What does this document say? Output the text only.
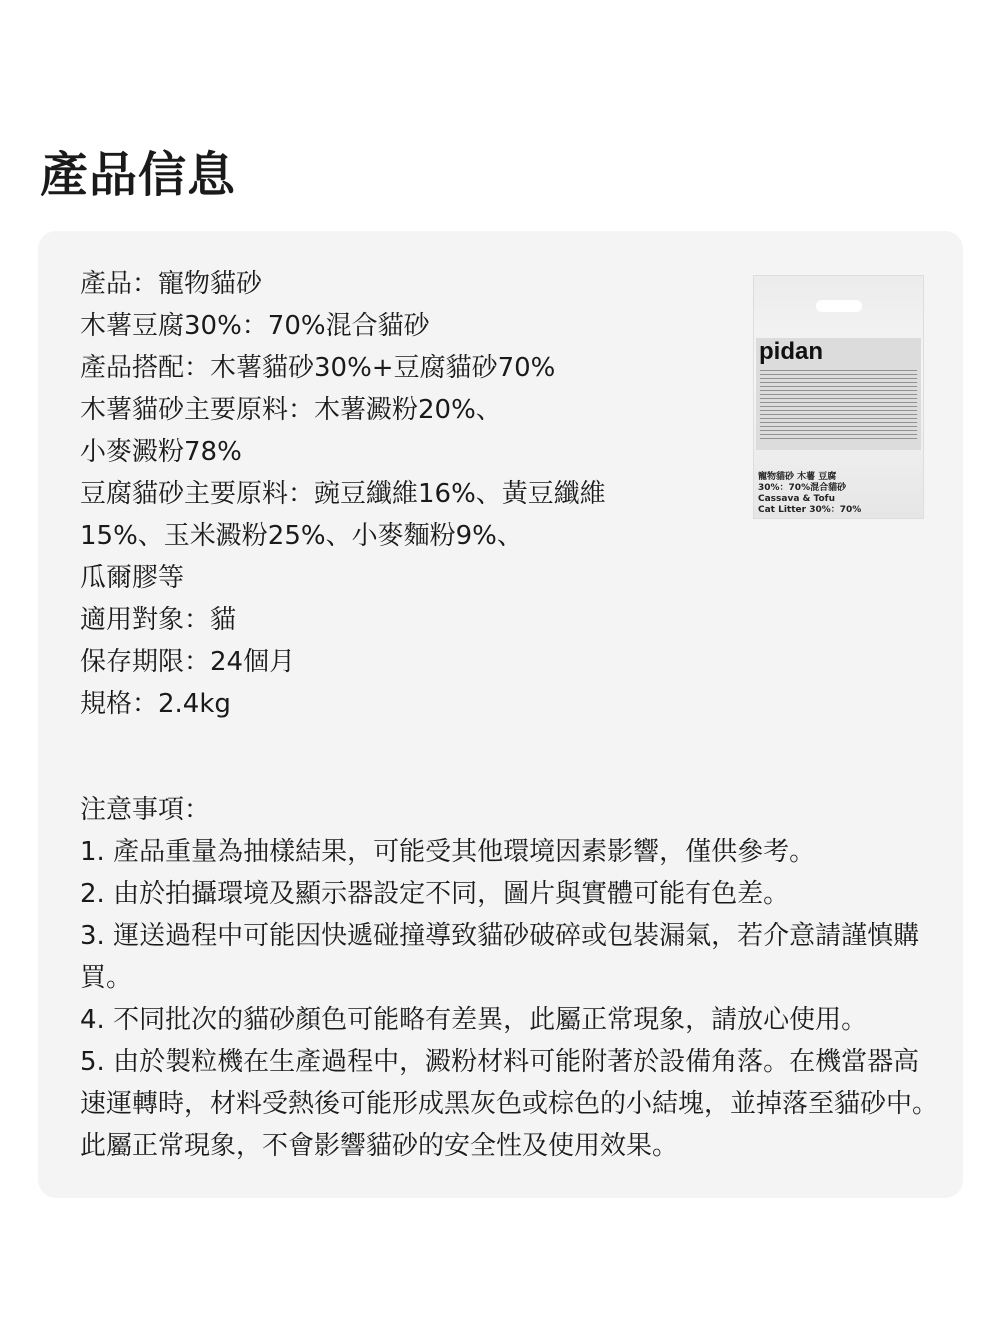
產品信息
產品：寵物貓砂
木薯豆腐30%：70%混合貓砂
產品搭配：木薯貓砂30%+豆腐貓砂70%
木薯貓砂主要原料：木薯澱粉20%、
小麥澱粉78%
豆腐貓砂主要原料：豌豆纖維16%、黃豆纖維
15%、玉米澱粉25%、小麥麵粉9%、
瓜爾膠等
適用對象：貓
保存期限：24個月
規格：2.4kg
pidan
寵物貓砂 木薯 豆腐
30%：70%混合貓砂
Cassava & Tofu
Cat Litter 30%：70%
注意事項：
1. 產品重量為抽樣結果，可能受其他環境因素影響，僅供參考。
2. 由於拍攝環境及顯示器設定不同，圖片與實體可能有色差。
3. 運送過程中可能因快遞碰撞導致貓砂破碎或包裝漏氣，若介意請謹慎購買。
4. 不同批次的貓砂顏色可能略有差異，此屬正常現象，請放心使用。
5. 由於製粒機在生產過程中，澱粉材料可能附著於設備角落。在機當器高速運轉時，材料受熱後可能形成黑灰色或棕色的小結塊，並掉落至貓砂中。此屬正常現象，不會影響貓砂的安全性及使用效果。
